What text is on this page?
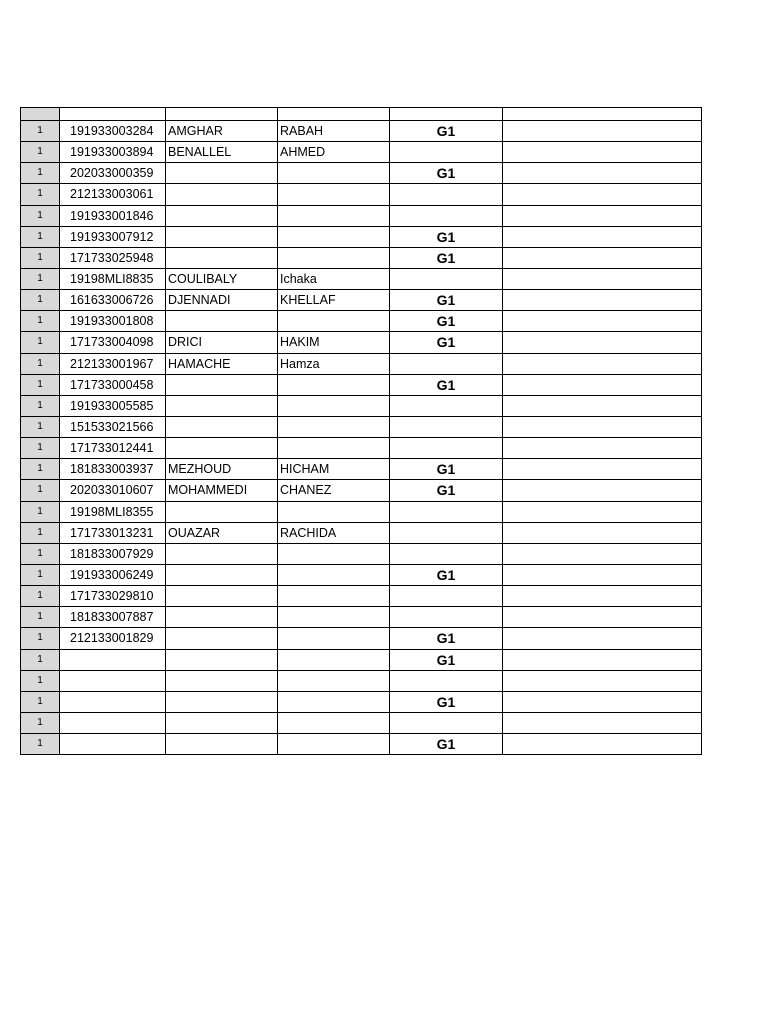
1	191933003284	AMGHAR	RABAH	G1	
1	191933003894	BENALLEL	AHMED		
1	202033000359			G1	
1	212133003061				
1	191933001846				
1	191933007912			G1	
1	171733025948			G1	
1	19198MLI8835	COULIBALY	Ichaka		
1	161633006726	DJENNADI	KHELLAF	G1	
1	191933001808			G1	
1	171733004098	DRICI	HAKIM	G1	
1	212133001967	HAMACHE	Hamza		
1	171733000458			G1	
1	191933005585				
1	151533021566				
1	171733012441				
1	181833003937	MEZHOUD	HICHAM	G1	
1	202033010607	MOHAMMEDI	CHANEZ	G1	
1	19198MLI8355				
1	171733013231	OUAZAR	RACHIDA		
1	181833007929				
1	191933006249			G1	
1	171733029810				
1	181833007887				
1	212133001829			G1	
1				G1	
1					
1				G1	
1					
1				G1	
